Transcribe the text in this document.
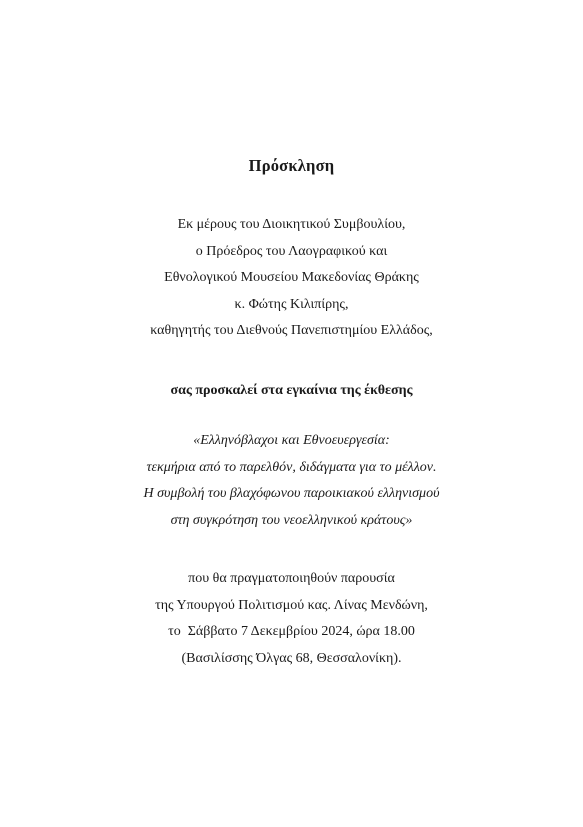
Πρόσκληση
Εκ μέρους του Διοικητικού Συμβουλίου,
ο Πρόεδρος του Λαογραφικού και
Εθνολογικού Μουσείου Μακεδονίας Θράκης
κ. Φώτης Κιλιπίρης,
καθηγητής του Διεθνούς Πανεπιστημίου Ελλάδος,
σας προσκαλεί στα εγκαίνια της έκθεσης
«Ελληνόβλαχοι και Εθνοευεργεσία:
τεκμήρια από το παρελθόν, διδάγματα για το μέλλον.
Η συμβολή του βλαχόφωνου παροικιακού ελληνισμού
στη συγκρότηση του νεοελληνικού κράτους»
που θα πραγματοποιηθούν παρουσία
της Υπουργού Πολιτισμού κας. Λίνας Μενδώνη,
το  Σάββατο 7 Δεκεμβρίου 2024, ώρα 18.00
(Βασιλίσσης Όλγας 68, Θεσσαλονίκη).
